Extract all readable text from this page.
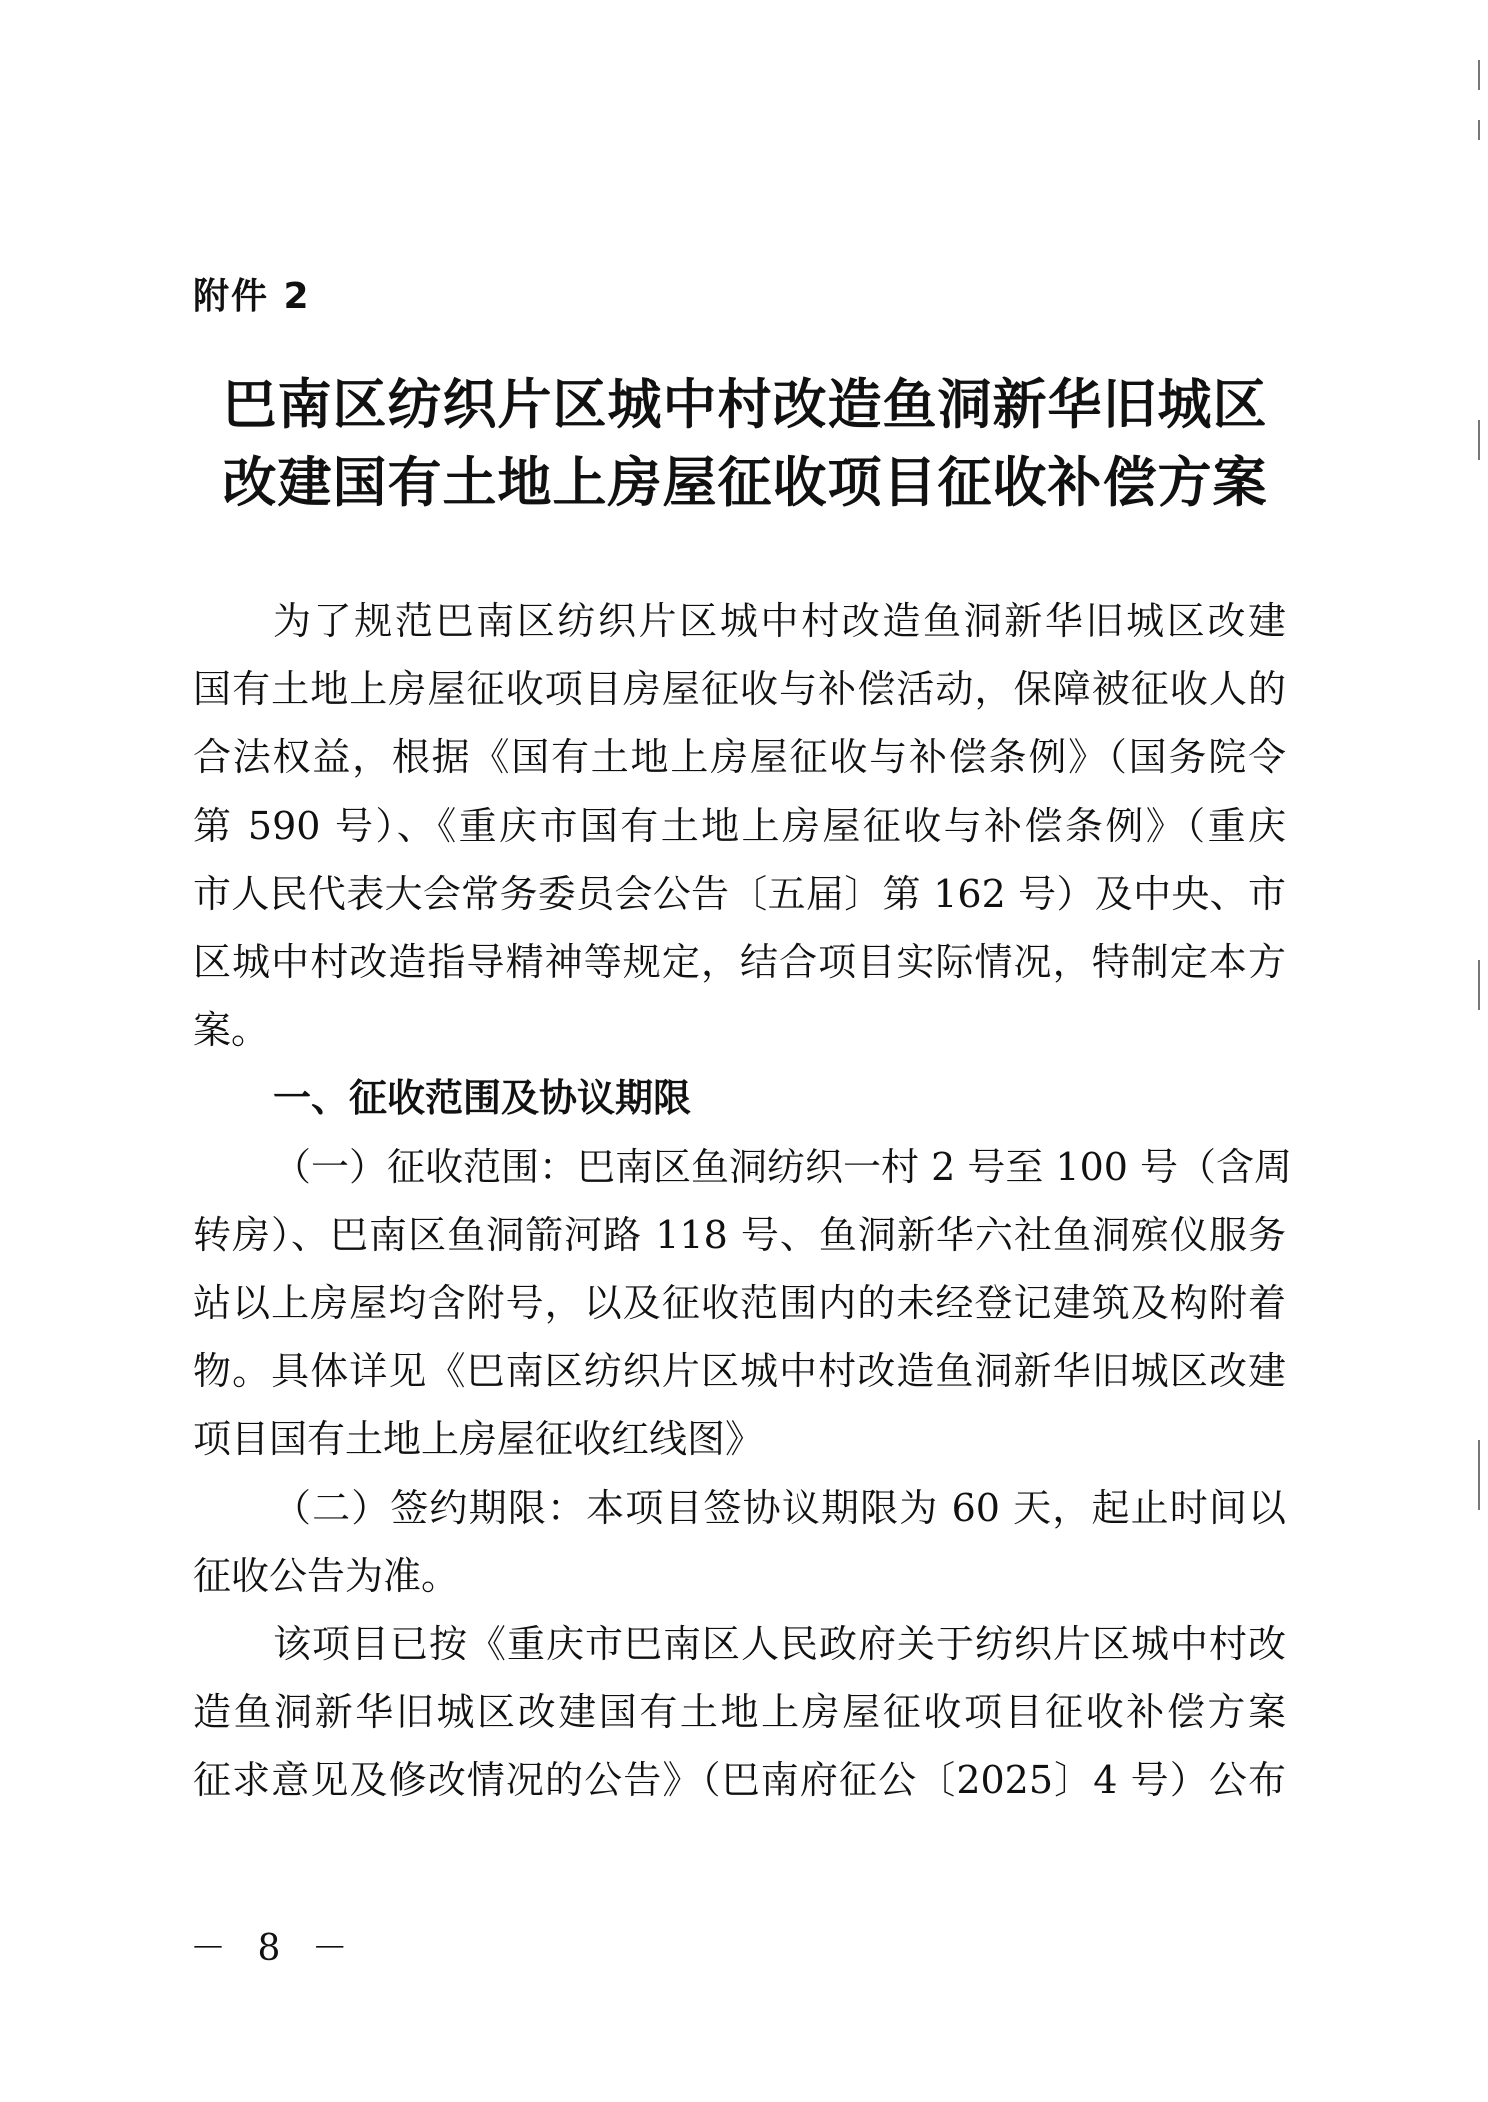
附件 2
巴南区纺织片区城中村改造鱼洞新华旧城区
改建国有土地上房屋征收项目征收补偿方案
为了规范巴南区纺织片区城中村改造鱼洞新华旧城区改建
国有土地上房屋征收项目房屋征收与补偿活动，保障被征收人的
合法权益，根据《国有土地上房屋征收与补偿条例》（国务院令
第 590 号）、《重庆市国有土地上房屋征收与补偿条例》（重庆
市人民代表大会常务委员会公告〔五届〕第 162 号）及中央、市
区城中村改造指导精神等规定，结合项目实际情况，特制定本方
案。
一、征收范围及协议期限
（一）征收范围：巴南区鱼洞纺织一村 2 号至 100 号（含周
转房）、巴南区鱼洞箭河路 118 号、鱼洞新华六社鱼洞殡仪服务
站以上房屋均含附号，以及征收范围内的未经登记建筑及构附着
物。具体详见《巴南区纺织片区城中村改造鱼洞新华旧城区改建
项目国有土地上房屋征收红线图》
（二）签约期限：本项目签协议期限为 60 天，起止时间以
征收公告为准。
该项目已按《重庆市巴南区人民政府关于纺织片区城中村改
造鱼洞新华旧城区改建国有土地上房屋征收项目征收补偿方案
征求意见及修改情况的公告》（巴南府征公〔2025〕4 号）公布
－ 8 －
